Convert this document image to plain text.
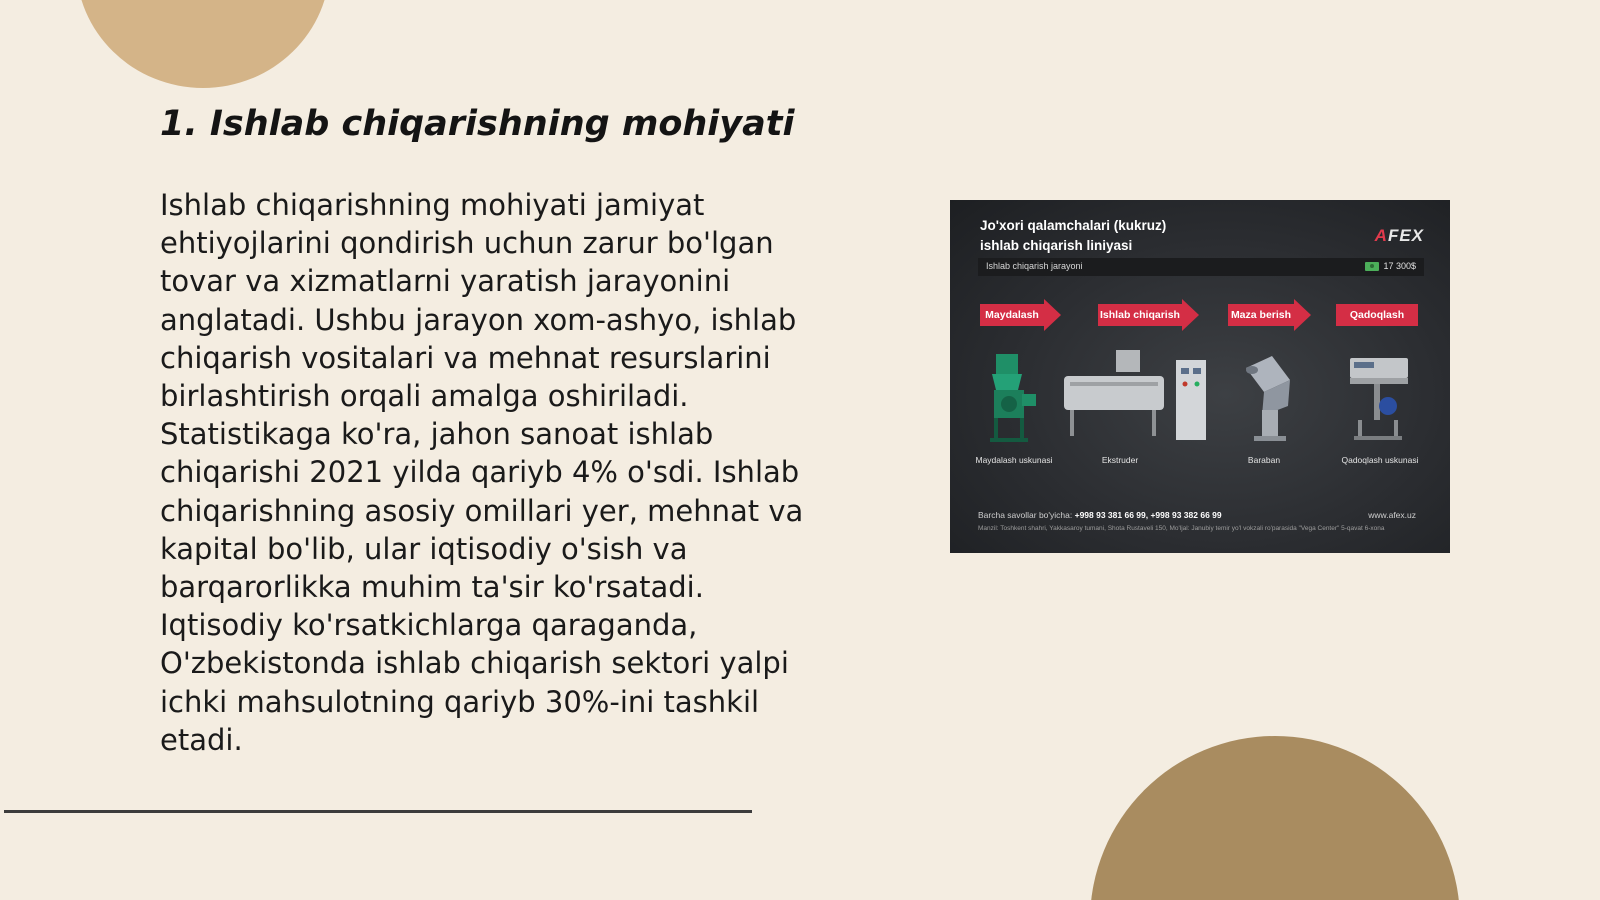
1. Ishlab chiqarishning mohiyati

Ishlab chiqarishning mohiyati jamiyat ehtiyojlarini qondirish uchun zarur bo'lgan tovar va xizmatlarni yaratish jarayonini anglatadi. Ushbu jarayon xom-ashyo, ishlab chiqarish vositalari va mehnat resurslarini birlashtirish orqali amalga oshiriladi. Statistikaga ko'ra, jahon sanoat ishlab chiqarishi 2021 yilda qariyb 4% o'sdi. Ishlab chiqarishning asosiy omillari yer, mehnat va kapital bo'lib, ular iqtisodiy o'sish va barqarorlikka muhim ta'sir ko'rsatadi. Iqtisodiy ko'rsatkichlarga qaraganda, O'zbekistonda ishlab chiqarish sektori yalpi ichki mahsulotning qariyb 30%-ini tashkil etadi.

Jo'xori qalamchalari (kukruz)
ishlab chiqarish liniyasi
AFEX
Ishlab chiqarish jarayoni	17 300$
Maydalash	Ishlab chiqarish	Maza berish	Qadoqlash
Maydalash uskunasi	Ekstruder	Baraban	Qadoqlash uskunasi
Barcha savollar bo'yicha: +998 93 381 66 99, +998 93 382 66 99	www.afex.uz
Manzil: Toshkent shahri, Yakkasaroy tumani, Shota Rustaveli 150, Mo'ljal: Janubiy temir yo'l vokzali ro'parasida "Vega Center" 5-qavat 6-xona
